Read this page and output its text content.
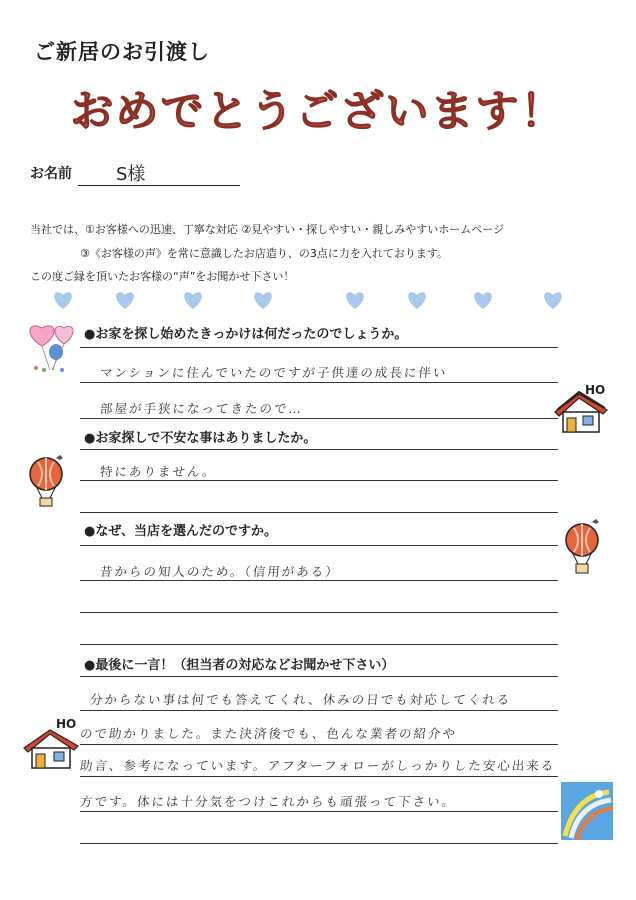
ご新居のお引渡し
おめでとうございます！
お名前 S様
当社では、①お客様への迅速、丁寧な対応 ②見やすい・探しやすい・親しみやすいホームページ
③《お客様の声》を常に意識したお店造り、の3点に力を入れております。
この度ご縁を頂いたお客様の“声”をお聞かせ下さい！
●お家を探し始めたきっかけは何だったのでしょうか。
マンションに住んでいたのですが子供達の成長に伴い
部屋が手狭になってきたので…
HO
●お家探しで不安な事はありましたか。
特にありません。
●なぜ、当店を選んだのですか。
昔からの知人のため。（信用がある）
●最後に一言！（担当者の対応などお聞かせ下さい）
分からない事は何でも答えてくれ、休みの日でも対応してくれる
ので助かりました。また決済後でも、色んな業者の紹介や
助言、参考になっています。アフターフォローがしっかりした安心出来る
方です。体には十分気をつけこれからも頑張って下さい。
HO
